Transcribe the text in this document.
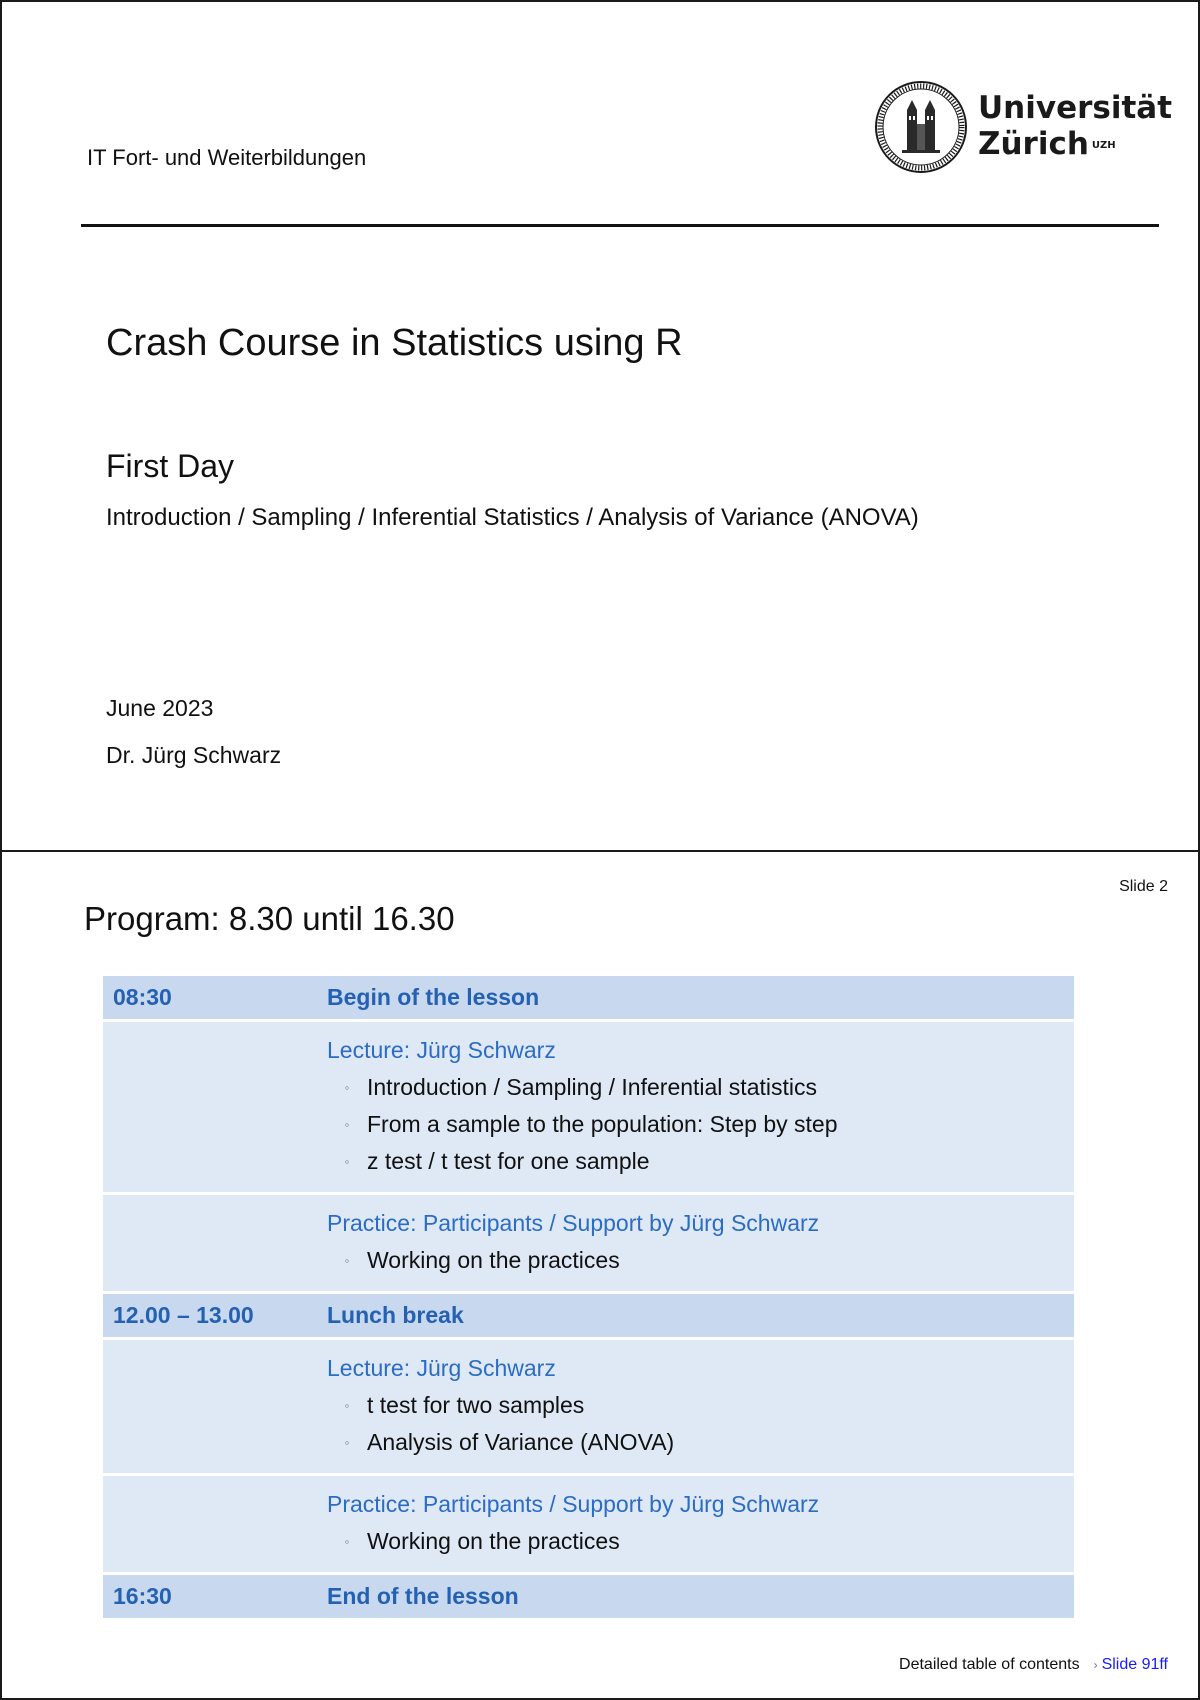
IT Fort- und Weiterbildungen
Universität
Zürich $^{UZH}$
Crash Course in Statistics using R
First Day
Introduction / Sampling / Inferential Statistics / Analysis of Variance (ANOVA)
June 2023
Dr. Jürg Schwarz
Slide 2
Program: 8.30 until 16.30
08:30	Begin of the lesson
Lecture: Jürg Schwarz
◦ Introduction / Sampling / Inferential statistics
◦ From a sample to the population: Step by step
◦ z test / t test for one sample
Practice: Participants / Support by Jürg Schwarz
◦ Working on the practices
12.00 – 13.00	Lunch break
Lecture: Jürg Schwarz
◦ t test for two samples
◦ Analysis of Variance (ANOVA)
Practice: Participants / Support by Jürg Schwarz
◦ Working on the practices
16:30	End of the lesson
Detailed table of contents › Slide 91ff
